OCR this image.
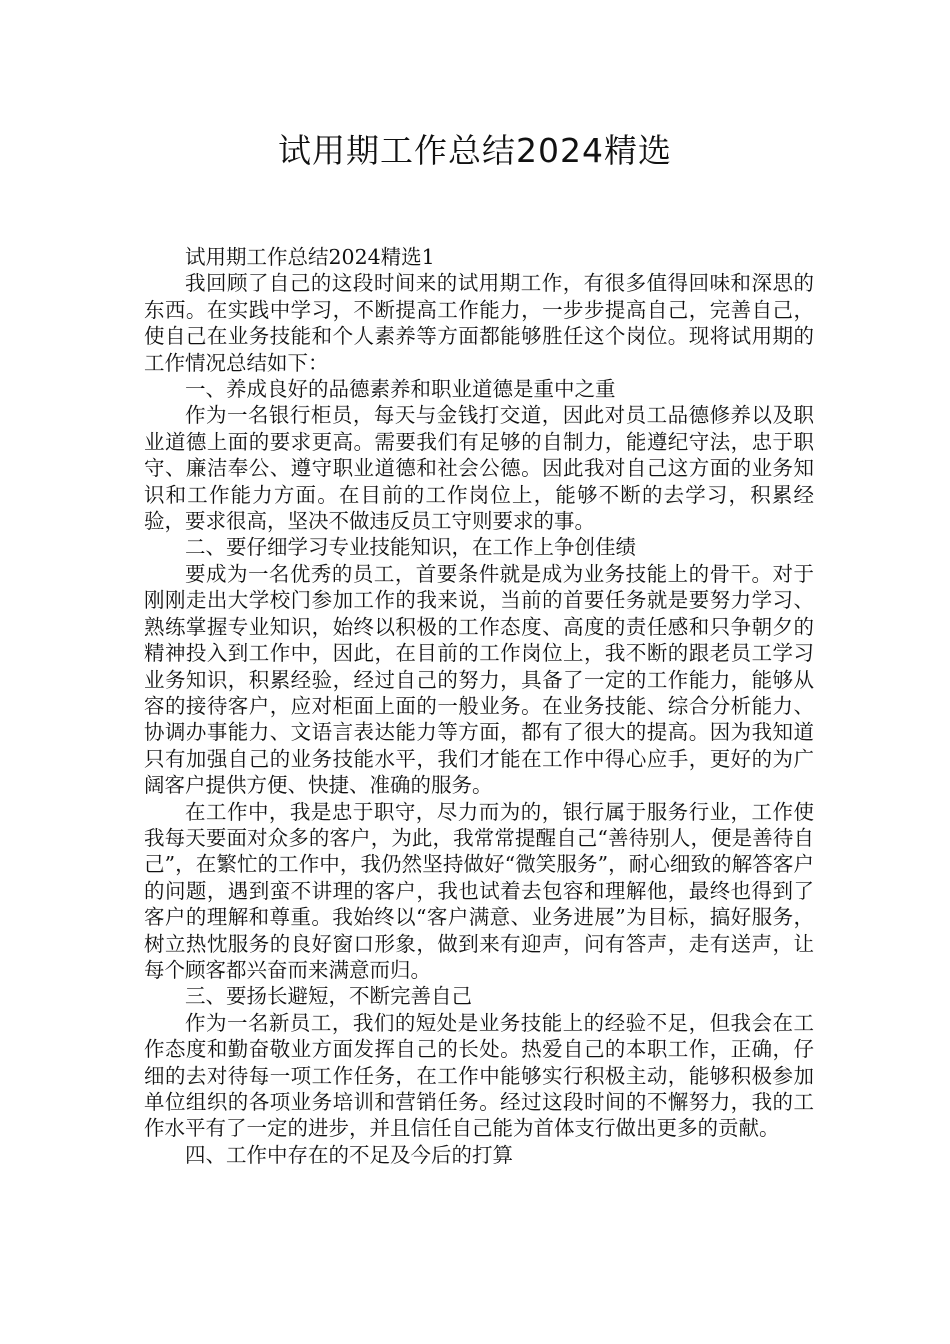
试用期工作总结2024精选

试用期工作总结2024精选1

我回顾了自己的这段时间来的试用期工作，有很多值得回味和深思的东西。在实践中学习，不断提高工作能力，一步步提高自己，完善自己，使自己在业务技能和个人素养等方面都能够胜任这个岗位。现将试用期的工作情况总结如下：

一、养成良好的品德素养和职业道德是重中之重

作为一名银行柜员，每天与金钱打交道，因此对员工品德修养以及职业道德上面的要求更高。需要我们有足够的自制力，能遵纪守法，忠于职守、廉洁奉公、遵守职业道德和社会公德。因此我对自己这方面的业务知识和工作能力方面。在目前的工作岗位上，能够不断的去学习，积累经验，要求很高，坚决不做违反员工守则要求的事。

二、要仔细学习专业技能知识，在工作上争创佳绩

要成为一名优秀的员工，首要条件就是成为业务技能上的骨干。对于刚刚走出大学校门参加工作的我来说，当前的首要任务就是要努力学习、熟练掌握专业知识，始终以积极的工作态度、高度的责任感和只争朝夕的精神投入到工作中，因此，在目前的工作岗位上，我不断的跟老员工学习业务知识，积累经验，经过自己的努力，具备了一定的工作能力，能够从容的接待客户，应对柜面上面的一般业务。在业务技能、综合分析能力、协调办事能力、文语言表达能力等方面，都有了很大的提高。因为我知道只有加强自己的业务技能水平，我们才能在工作中得心应手，更好的为广阔客户提供方便、快捷、准确的服务。

在工作中，我是忠于职守，尽力而为的，银行属于服务行业，工作使我每天要面对众多的客户，为此，我常常提醒自己“善待别人，便是善待自己”，在繁忙的工作中，我仍然坚持做好“微笑服务”，耐心细致的解答客户的问题，遇到蛮不讲理的客户，我也试着去包容和理解他，最终也得到了客户的理解和尊重。我始终以“客户满意、业务进展”为目标，搞好服务，树立热忱服务的良好窗口形象，做到来有迎声，问有答声，走有送声，让每个顾客都兴奋而来满意而归。

三、要扬长避短，不断完善自己

作为一名新员工，我们的短处是业务技能上的经验不足，但我会在工作态度和勤奋敬业方面发挥自己的长处。热爱自己的本职工作，正确，仔细的去对待每一项工作任务，在工作中能够实行积极主动，能够积极参加单位组织的各项业务培训和营销任务。经过这段时间的不懈努力，我的工作水平有了一定的进步，并且信任自己能为首体支行做出更多的贡献。

四、工作中存在的不足及今后的打算
